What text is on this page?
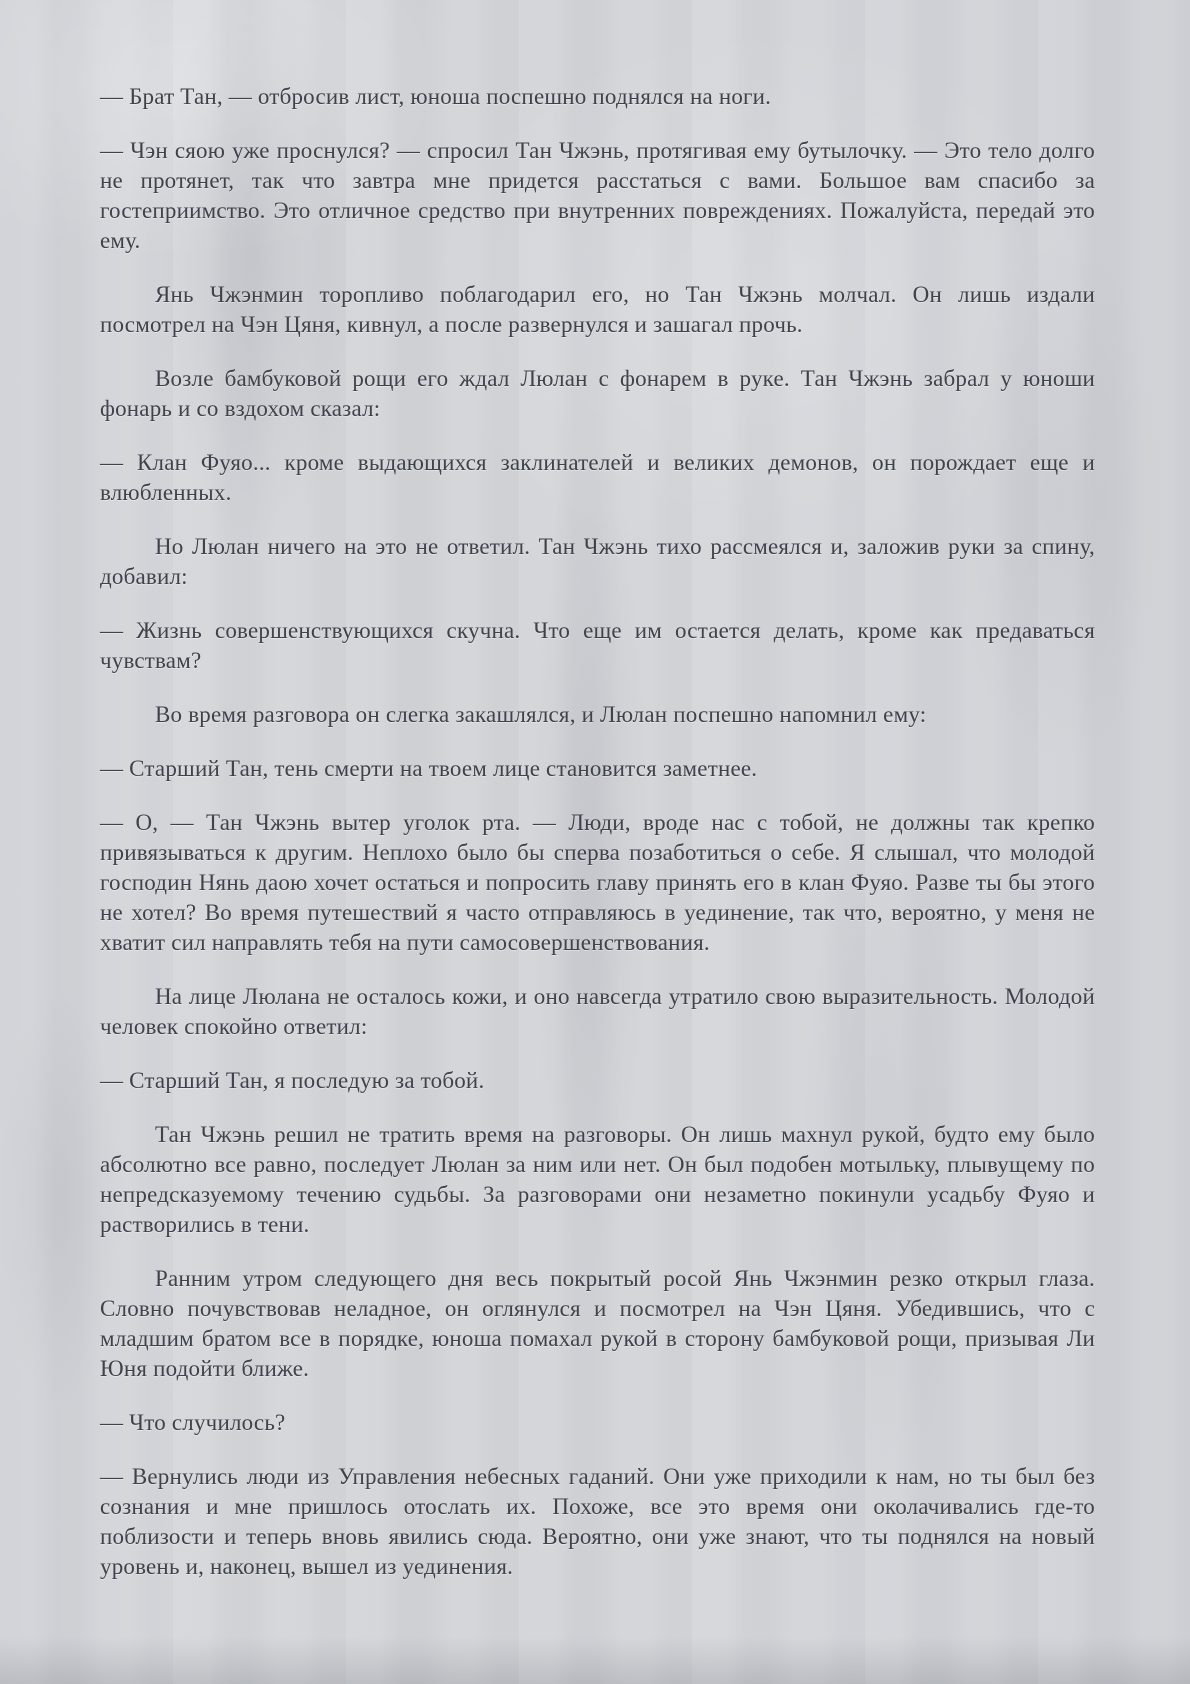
— Брат Тан, — отбросив лист, юноша поспешно поднялся на ноги.

— Чэн сяою уже проснулся? — спросил Тан Чжэнь, протягивая ему бутылочку. — Это тело долго не протянет, так что завтра мне придется расстаться с вами. Большое вам спасибо за гостеприимство. Это отличное средство при внутренних повреждениях. Пожалуйста, передай это ему.

Янь Чжэнмин торопливо поблагодарил его, но Тан Чжэнь молчал. Он лишь издали посмотрел на Чэн Цяня, кивнул, а после развернулся и зашагал прочь.

Возле бамбуковой рощи его ждал Люлан с фонарем в руке. Тан Чжэнь забрал у юноши фонарь и со вздохом сказал:

— Клан Фуяо... кроме выдающихся заклинателей и великих демонов, он порождает еще и влюбленных.

Но Люлан ничего на это не ответил. Тан Чжэнь тихо рассмеялся и, заложив руки за спину, добавил:

— Жизнь совершенствующихся скучна. Что еще им остается делать, кроме как предаваться чувствам?

Во время разговора он слегка закашлялся, и Люлан поспешно напомнил ему:

— Старший Тан, тень смерти на твоем лице становится заметнее.

— О, — Тан Чжэнь вытер уголок рта. — Люди, вроде нас с тобой, не должны так крепко привязываться к другим. Неплохо было бы сперва позаботиться о себе. Я слышал, что молодой господин Нянь даою хочет остаться и попросить главу принять его в клан Фуяо. Разве ты бы этого не хотел? Во время путешествий я часто отправляюсь в уединение, так что, вероятно, у меня не хватит сил направлять тебя на пути самосовершенствования.

На лице Люлана не осталось кожи, и оно навсегда утратило свою выразительность. Молодой человек спокойно ответил:

— Старший Тан, я последую за тобой.

Тан Чжэнь решил не тратить время на разговоры. Он лишь махнул рукой, будто ему было абсолютно все равно, последует Люлан за ним или нет. Он был подобен мотыльку, плывущему по непредсказуемому течению судьбы. За разговорами они незаметно покинули усадьбу Фуяо и растворились в тени.

Ранним утром следующего дня весь покрытый росой Янь Чжэнмин резко открыл глаза. Словно почувствовав неладное, он оглянулся и посмотрел на Чэн Цяня. Убедившись, что с младшим братом все в порядке, юноша помахал рукой в сторону бамбуковой рощи, призывая Ли Юня подойти ближе.

— Что случилось?

— Вернулись люди из Управления небесных гаданий. Они уже приходили к нам, но ты был без сознания и мне пришлось отослать их. Похоже, все это время они околачивались где-то поблизости и теперь вновь явились сюда. Вероятно, они уже знают, что ты поднялся на новый уровень и, наконец, вышел из уединения.
